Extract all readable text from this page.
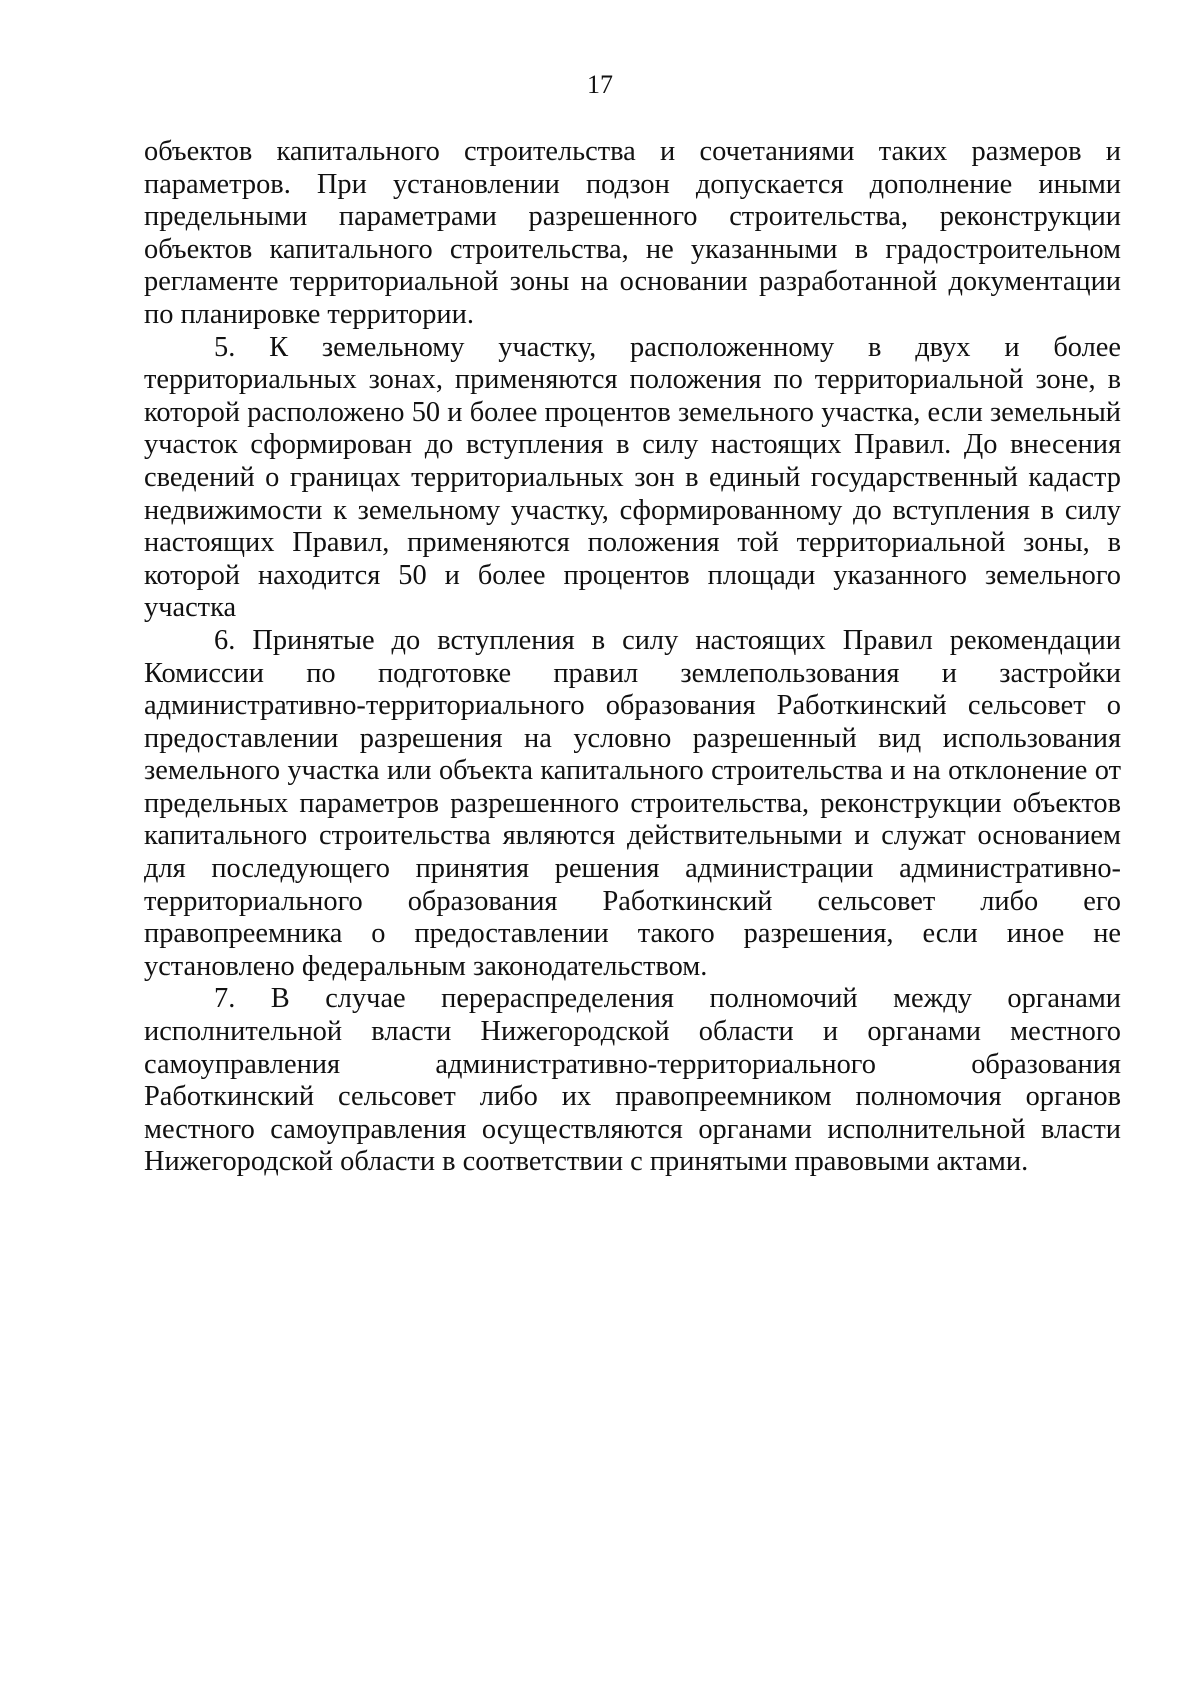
17

объектов капитального строительства и сочетаниями таких размеров и параметров. При установлении подзон допускается дополнение иными предельными параметрами разрешенного строительства, реконструкции объектов капитального строительства, не указанными в градостроительном регламенте территориальной зоны на основании разработанной документации по планировке территории.

5. К земельному участку, расположенному в двух и более территориальных зонах, применяются положения по территориальной зоне, в которой расположено 50 и более процентов земельного участка, если земельный участок сформирован до вступления в силу настоящих Правил. До внесения сведений о границах территориальных зон в единый государственный кадастр недвижимости к земельному участку, сформированному до вступления в силу настоящих Правил, применяются положения той территориальной зоны, в которой находится 50 и более процентов площади указанного земельного участка

6. Принятые до вступления в силу настоящих Правил рекомендации Комиссии по подготовке правил землепользования и застройки административно-территориального образования Работкинский сельсовет о предоставлении разрешения на условно разрешенный вид использования земельного участка или объекта капитального строительства и на отклонение от предельных параметров разрешенного строительства, реконструкции объектов капитального строительства являются действительными и служат основанием для последующего принятия решения администрации административно-территориального образования Работкинский сельсовет либо его правопреемника о предоставлении такого разрешения, если иное не установлено федеральным законодательством.

7. В случае перераспределения полномочий между органами исполнительной власти Нижегородской области и органами местного самоуправления административно-территориального образования Работкинский сельсовет либо их правопреемником полномочия органов местного самоуправления осуществляются органами исполнительной власти Нижегородской области в соответствии с принятыми правовыми актами.
